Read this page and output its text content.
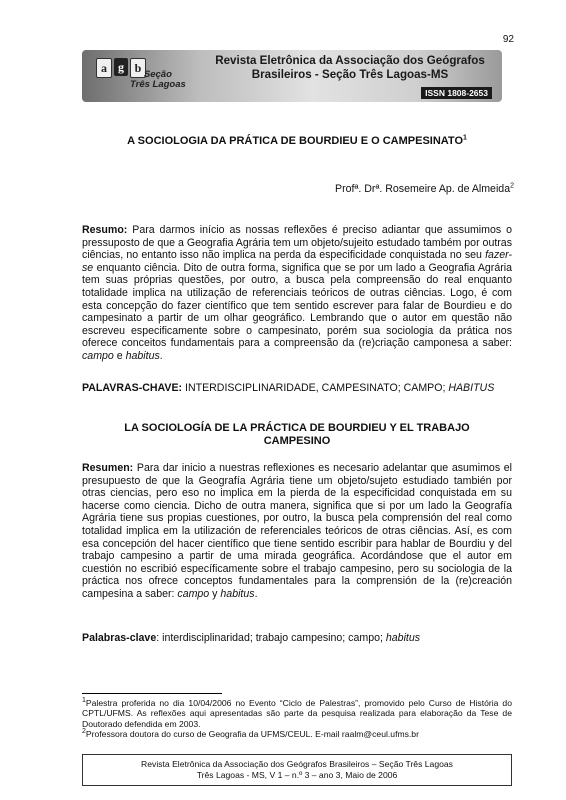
92
a g b Seção
Três Lagoas
Revista Eletrônica da Associação dos Geógrafos
Brasileiros - Seção Três Lagoas-MS
ISSN 1808-2653
A SOCIOLOGIA DA PRÁTICA DE BOURDIEU E O CAMPESINATO$^1$
Profª. Drª. Rosemeire Ap. de Almeida$^2$
Resumo: Para darmos início as nossas reflexões é preciso adiantar que assumimos o pressuposto de que a Geografia Agrária tem um objeto/sujeito estudado também por outras ciências, no entanto isso não implica na perda da especificidade conquistada no seu fazer-se enquanto ciência. Dito de outra forma, significa que se por um lado a Geografia Agrária tem suas próprias questões, por outro, a busca pela compreensão do real enquanto totalidade implica na utilização de referenciais teóricos de outras ciências. Logo, é com esta concepção do fazer científico que tem sentido escrever para falar de Bourdieu e do campesinato a partir de um olhar geográfico. Lembrando que o autor em questão não escreveu especificamente sobre o campesinato, porém sua sociologia da prática nos oferece conceitos fundamentais para a compreensão da (re)criação camponesa a saber: campo e habitus.
PALAVRAS-CHAVE: INTERDISCIPLINARIDADE, CAMPESINATO; CAMPO; HABITUS
LA SOCIOLOGÍA DE LA PRÁCTICA DE BOURDIEU Y EL TRABAJO
CAMPESINO
Resumen: Para dar inicio a nuestras reflexiones es necesario adelantar que asumimos el presupuesto de que la Geografía Agrária tiene um objeto/sujeto estudiado también por otras ciencias, pero eso no implica em la pierda de la especificidad conquistada em su hacerse como ciencia. Dicho de outra manera, significa que si por um lado la Geografía Agrária tiene sus propias cuestiones, por outro, la busca pela comprensión del real como totalidad implica em la utilización de referenciales teóricos de otras ciências. Así, es com esa concepción del hacer científico que tiene sentido escribir para hablar de Bourdiu y del trabajo campesino a partir de uma mirada geográfica. Acordándose que el autor em cuestión no escribió específicamente sobre el trabajo campesino, pero su sociologia de la práctica nos ofrece conceptos fundamentales para la comprensión de la (re)creación campesina a saber: campo y habitus.
Palabras-clave: interdisciplinaridad; trabajo campesino; campo; habitus
$^1$Palestra proferida no dia 10/04/2006 no Evento “Ciclo de Palestras”, promovido pelo Curso de História do CPTL/UFMS. As reflexões aqui apresentadas são parte da pesquisa realizada para elaboração da Tese de Doutorado defendida em 2003.
$^2$Professora doutora do curso de Geografia da UFMS/CEUL. E-mail raalm@ceul.ufms.br
Revista Eletrônica da Associação dos Geógrafos Brasileiros – Seção Três Lagoas
Três Lagoas - MS, V 1 – n.º 3 – ano 3, Maio de 2006
